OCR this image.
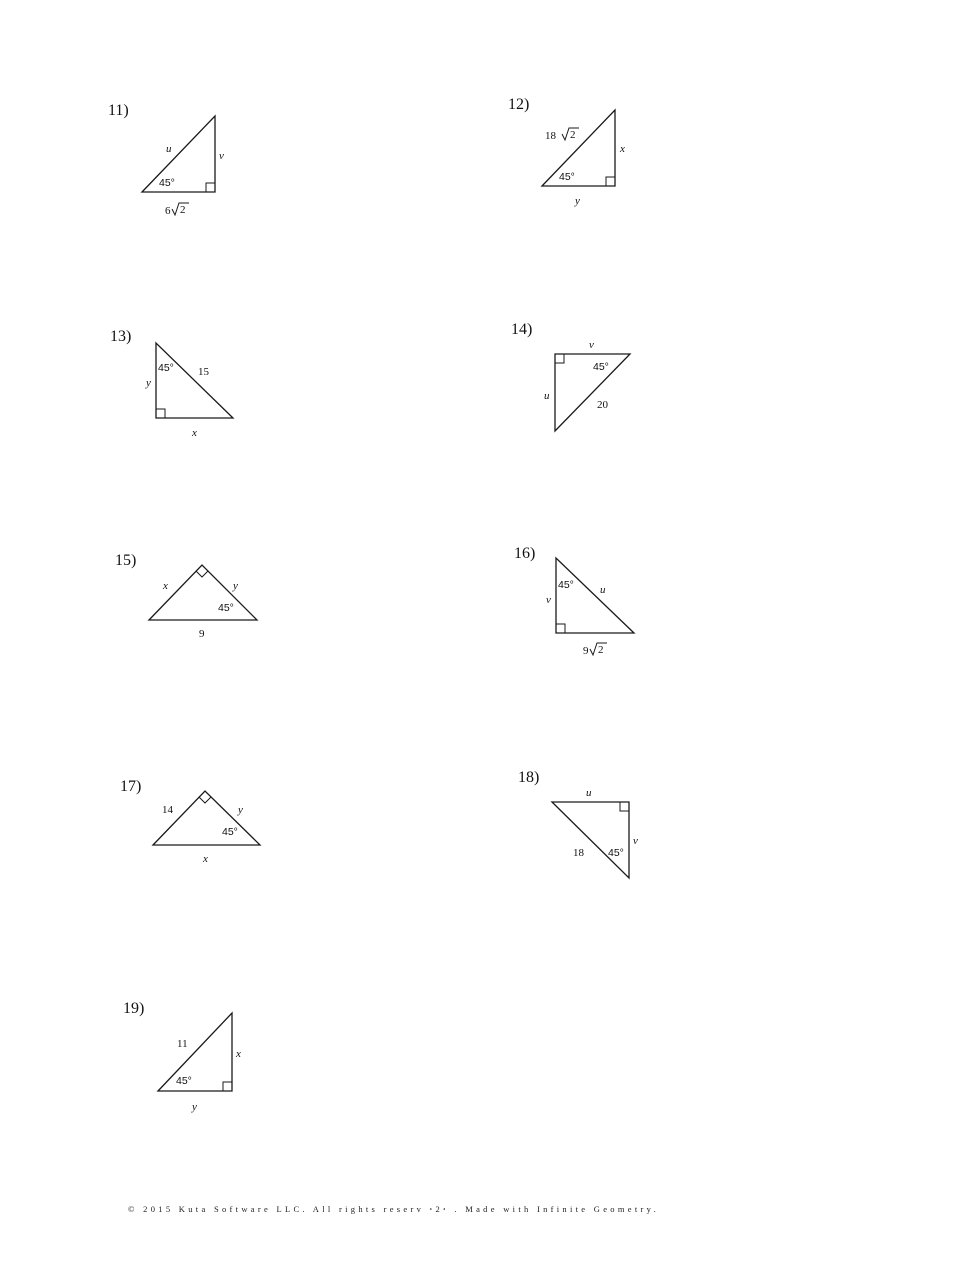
11)
u
v
45°
6 2
12)
18 2
x
45°
y
13)
y
45° 15
x
14)
v
45°
u
20
15)
x	y
45°
9
16)
45° u
v
9 2
17)
14	y
45°
x
18)
u
18 45°
v
19)
11
x
45°
y
© 2015 Kuta Software LLC. All rights reserv ꞏ2ꞏ . Made with Infinite Geometry.
